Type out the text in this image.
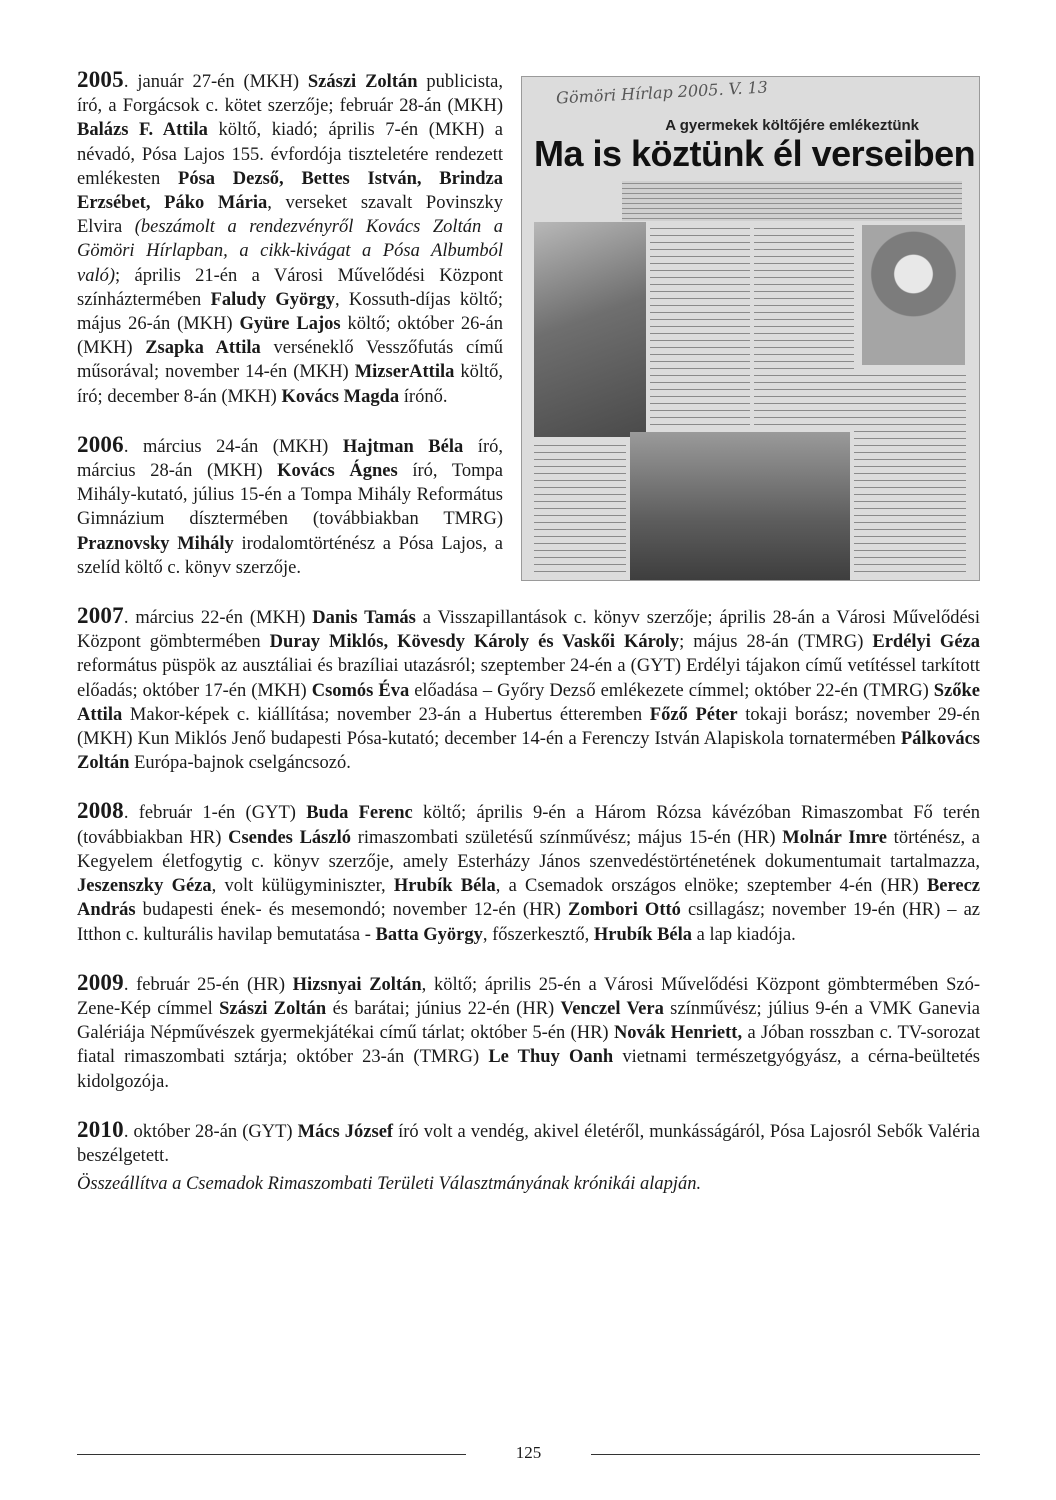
Gömöri Hírlap 2005. V. 13
A gyermekek költőjére emlékeztünk
Ma is köztünk él verseiben

2005. január 27-én (MKH) Szászi Zoltán publicista, író, a Forgácsok c. kötet szerzője; február 28-án (MKH) Balázs F. Attila költő, kiadó; április 7-én (MKH) a névadó, Pósa Lajos 155. évfordója tiszteletére rendezett emlékesten Pósa Dezső, Bettes István, Brindza Erzsébet, Páko Mária, verseket szavalt Povinszky Elvira (beszámolt a rendezvényről Kovács Zoltán a Gömöri Hírlapban, a cikk-kivágat a Pósa Albumból való); április 21-én a Városi Művelődési Központ színháztermében Faludy György, Kossuth-díjas költő; május 26-án (MKH) Gyüre Lajos költő; október 26-án (MKH) Zsapka Attila verséneklő Vesszőfutás című műsorával; november 14-én (MKH) MizserAttila költő, író; december 8-án (MKH) Kovács Magda írónő.

2006. március 24-án (MKH) Hajtman Béla író, március 28-án (MKH) Kovács Ágnes író, Tompa Mihály-kutató, július 15-én a Tompa Mihály Református Gimnázium dísztermében (továbbiakban TMRG) Praznovsky Mihály irodalomtörténész a Pósa Lajos, a szelíd költő c. könyv szerzője.

2007. március 22-én (MKH) Danis Tamás a Visszapillantások c. könyv szerzője; április 28-án a Városi Művelődési Központ gömbtermében Duray Miklós, Kövesdy Károly és Vaskői Károly; május 28-án (TMRG) Erdélyi Géza református püspök az ausztáliai és brazíliai utazásról; szeptember 24-én a (GYT) Erdélyi tájakon című vetítéssel tarkított előadás; október 17-én (MKH) Csomós Éva előadása – Győry Dezső emlékezete címmel; október 22-én (TMRG) Szőke Attila Makor-képek c. kiállítása; november 23-án a Hubertus étteremben Főző Péter tokaji borász; november 29-én (MKH) Kun Miklós Jenő budapesti Pósa-kutató; december 14-én a Ferenczy István Alapiskola tornatermében Pálkovács Zoltán Európa-bajnok cselgáncsozó.

2008. február 1-én (GYT) Buda Ferenc költő; április 9-én a Három Rózsa kávézóban Rimaszombat Fő terén (továbbiakban HR) Csendes László rimaszombati születésű színművész; május 15-én (HR) Molnár Imre történész, a Kegyelem életfogytig c. könyv szerzője, amely Esterházy János szenvedéstörténetének dokumentumait tartalmazza, Jeszenszky Géza, volt külügyminiszter, Hrubík Béla, a Csemadok országos elnöke; szeptember 4-én (HR) Berecz András budapesti ének- és mesemondó; november 12-én (HR) Zombori Ottó csillagász; november 19-én (HR) – az Itthon c. kulturális havilap bemutatása - Batta György, főszerkesztő, Hrubík Béla a lap kiadója.

2009. február 25-én (HR) Hizsnyai Zoltán, költő; április 25-én a Városi Művelődési Központ gömbtermében Szó-Zene-Kép címmel Szászi Zoltán és barátai; június 22-én (HR) Venczel Vera színművész; július 9-én a VMK Ganevia Galériája Népművészek gyermekjátékai című tárlat; október 5-én (HR) Novák Henriett, a Jóban rosszban c. TV-sorozat fiatal rimaszombati sztárja; október 23-án (TMRG) Le Thuy Oanh vietnami természetgyógyász, a cérna-beültetés kidolgozója.

2010. október 28-án (GYT) Mács József író volt a vendég, akivel életéről, munkásságáról, Pósa Lajosról Sebők Valéria beszélgetett.

Összeállítva a Csemadok Rimaszombati Területi Választmányának krónikái alapján.

125
